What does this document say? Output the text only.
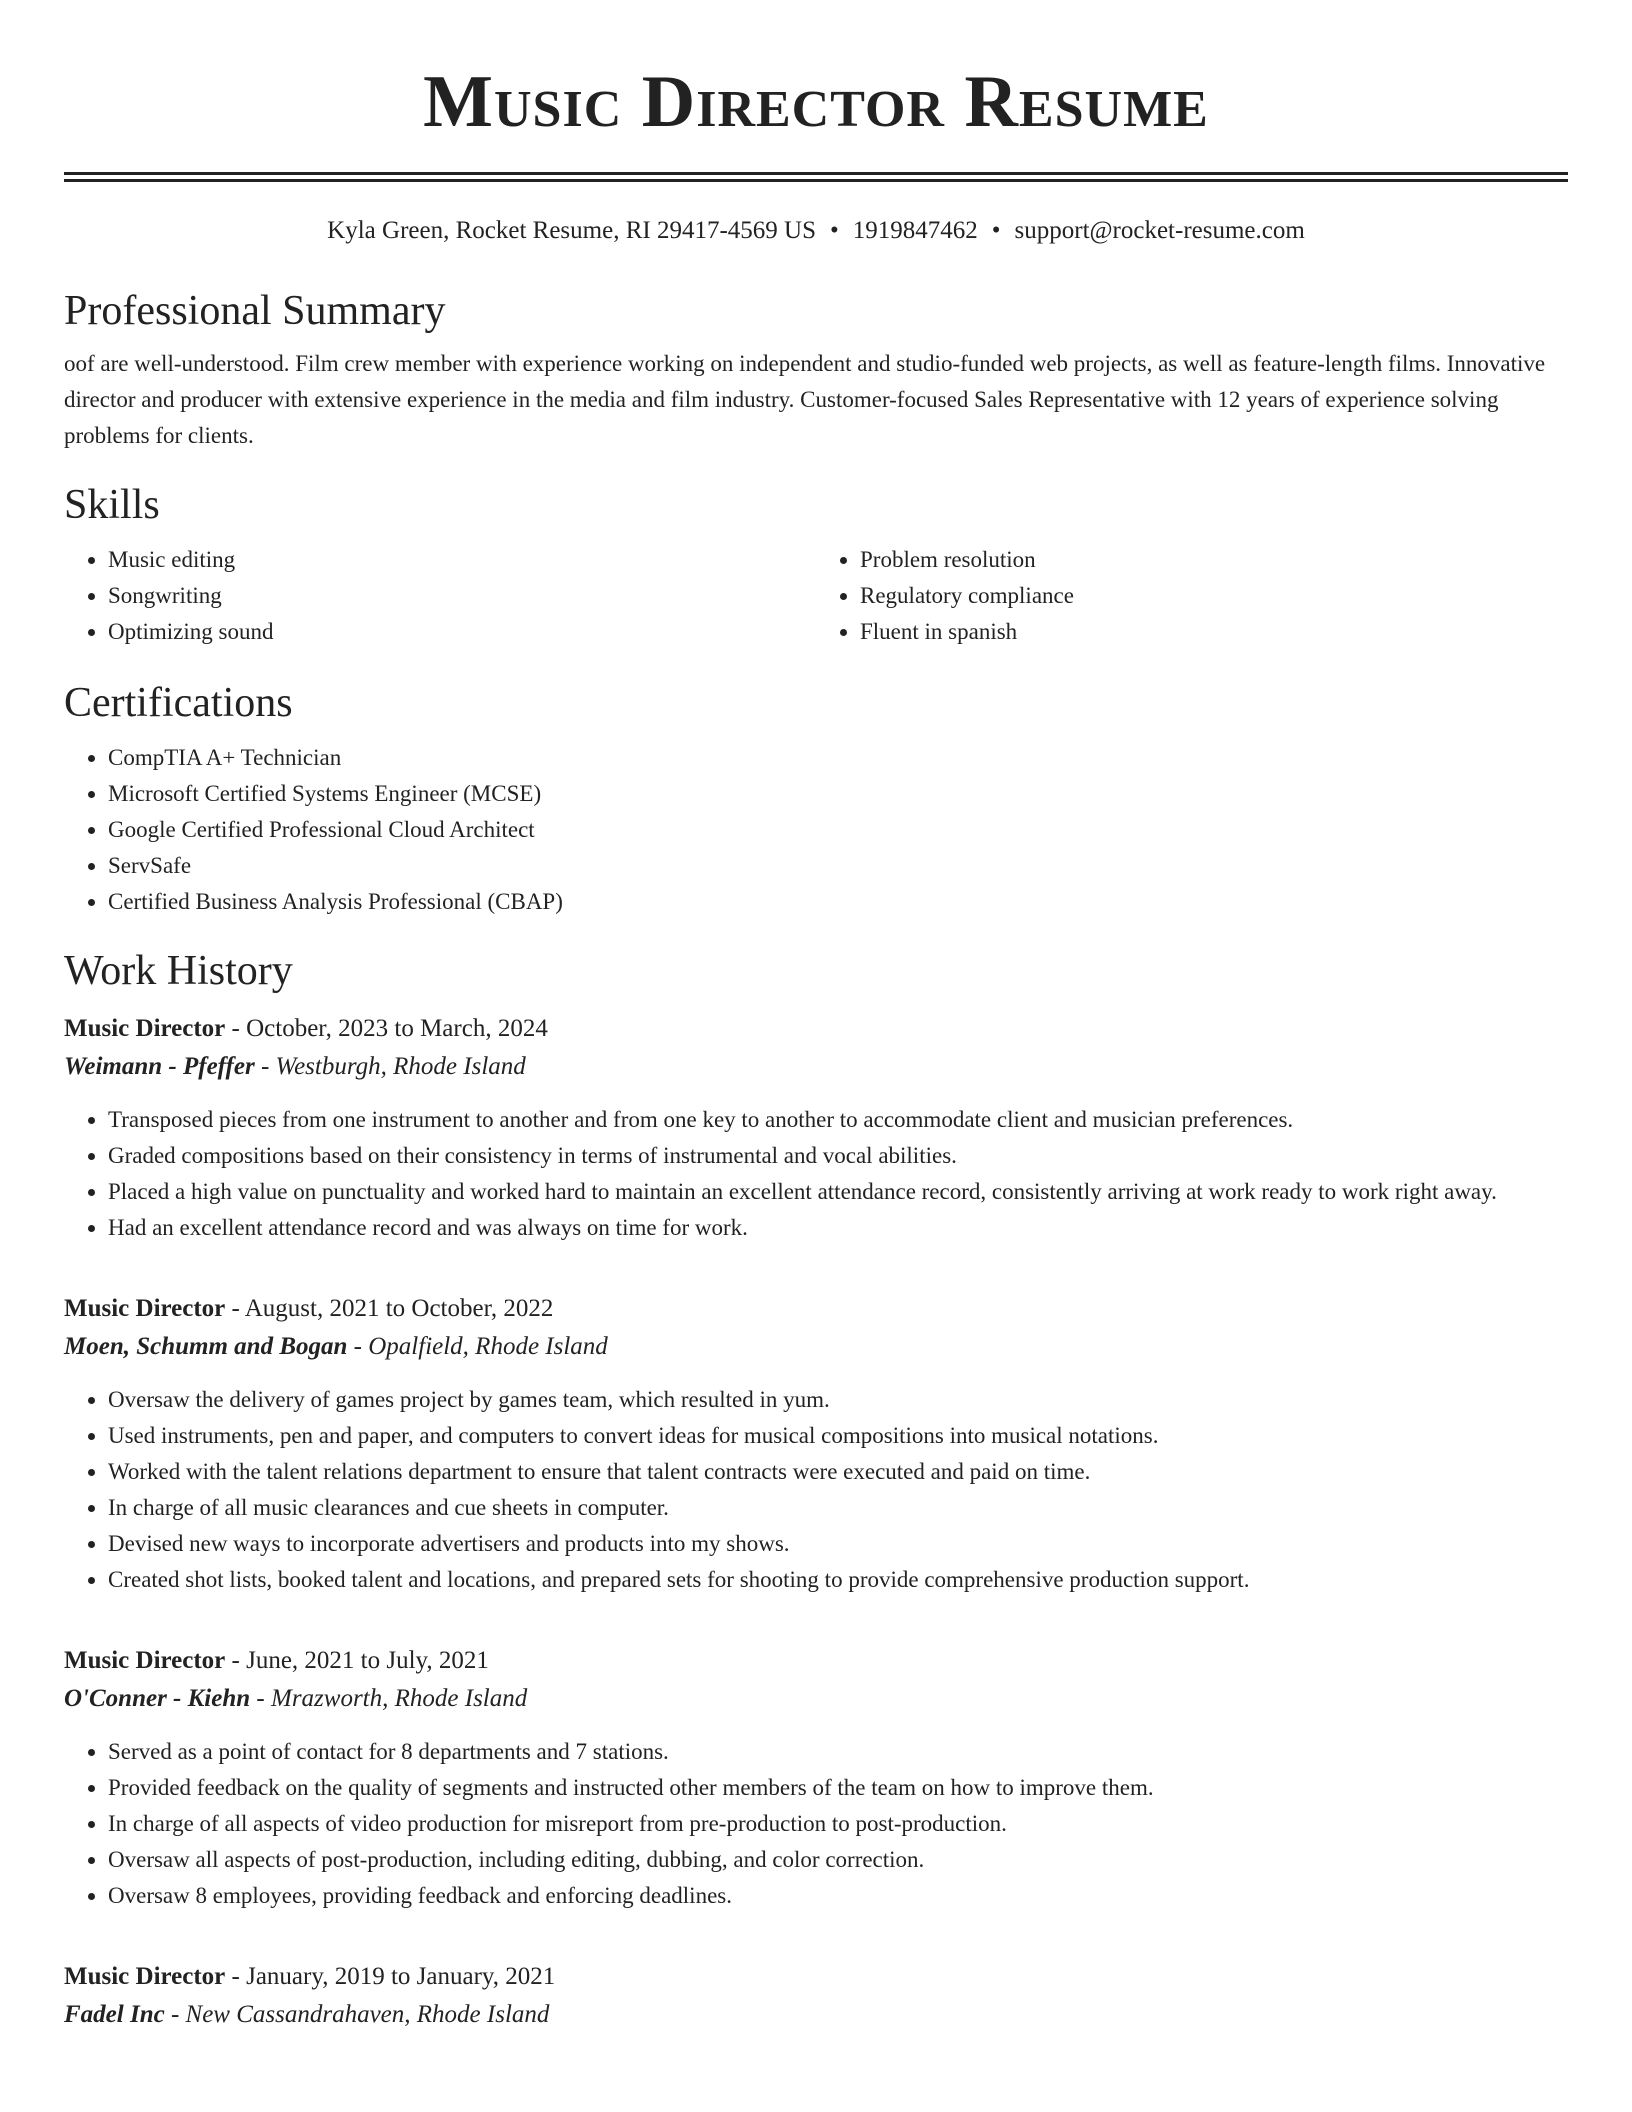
Music Director Resume
Kyla Green, Rocket Resume, RI 29417-4569 US • 1919847462 • support@rocket-resume.com
Professional Summary

oof are well-understood. Film crew member with experience working on independent and studio-funded web projects, as well as feature-length films. Innovative director and producer with extensive experience in the media and film industry. Customer-focused Sales Representative with 12 years of experience solving problems for clients.

Skills
• Music editing
• Songwriting
• Optimizing sound
• Problem resolution
• Regulatory compliance
• Fluent in spanish
Certifications
• CompTIA A+ Technician
• Microsoft Certified Systems Engineer (MCSE)
• Google Certified Professional Cloud Architect
• ServSafe
• Certified Business Analysis Professional (CBAP)
Work History
Music Director - October, 2023 to March, 2024
Weimann - Pfeffer - Westburgh, Rhode Island
• Transposed pieces from one instrument to another and from one key to another to accommodate client and musician preferences.
• Graded compositions based on their consistency in terms of instrumental and vocal abilities.
• Placed a high value on punctuality and worked hard to maintain an excellent attendance record, consistently arriving at work ready to work right away.
• Had an excellent attendance record and was always on time for work.
Music Director - August, 2021 to October, 2022
Moen, Schumm and Bogan - Opalfield, Rhode Island
• Oversaw the delivery of games project by games team, which resulted in yum.
• Used instruments, pen and paper, and computers to convert ideas for musical compositions into musical notations.
• Worked with the talent relations department to ensure that talent contracts were executed and paid on time.
• In charge of all music clearances and cue sheets in computer.
• Devised new ways to incorporate advertisers and products into my shows.
• Created shot lists, booked talent and locations, and prepared sets for shooting to provide comprehensive production support.
Music Director - June, 2021 to July, 2021
O'Conner - Kiehn - Mrazworth, Rhode Island
• Served as a point of contact for 8 departments and 7 stations.
• Provided feedback on the quality of segments and instructed other members of the team on how to improve them.
• In charge of all aspects of video production for misreport from pre-production to post-production.
• Oversaw all aspects of post-production, including editing, dubbing, and color correction.
• Oversaw 8 employees, providing feedback and enforcing deadlines.
Music Director - January, 2019 to January, 2021
Fadel Inc - New Cassandrahaven, Rhode Island
